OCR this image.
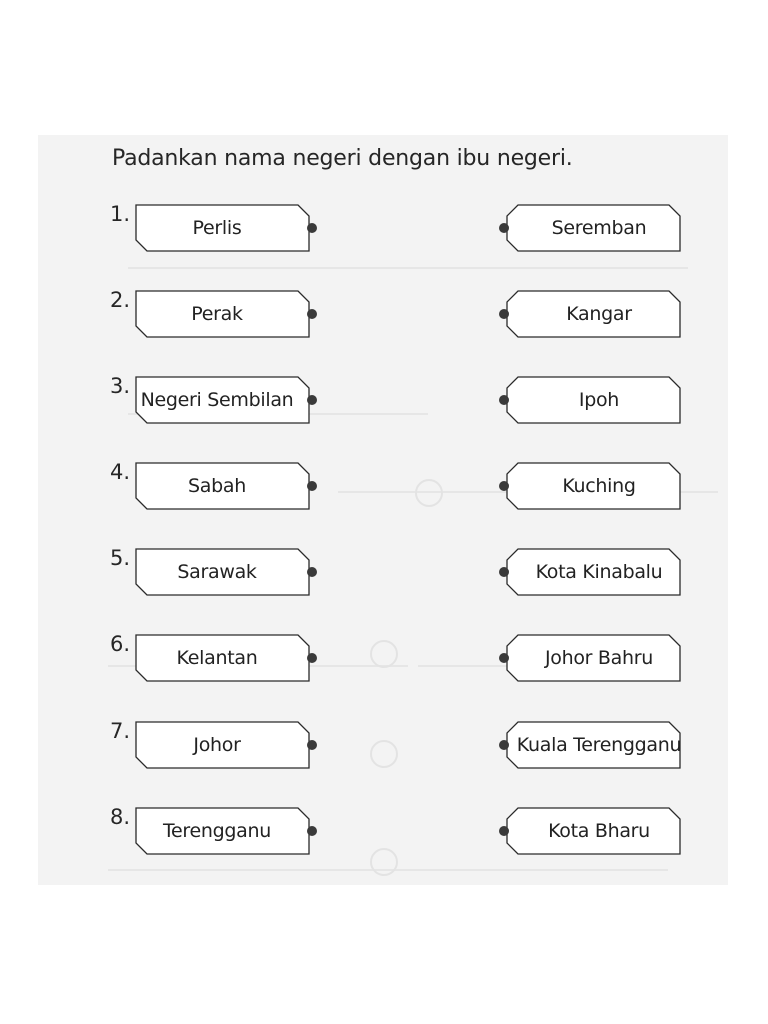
Padankan nama negeri dengan ibu negeri.
1.
Perlis	Seremban
2.
Perak	Kangar
3.
Negeri Sembilan	Ipoh
4.
Sabah	Kuching
5.
Sarawak	Kota Kinabalu
6.
Kelantan	Johor Bahru
7.
Johor	Kuala Terengganu
8.
Terengganu	Kota Bharu
